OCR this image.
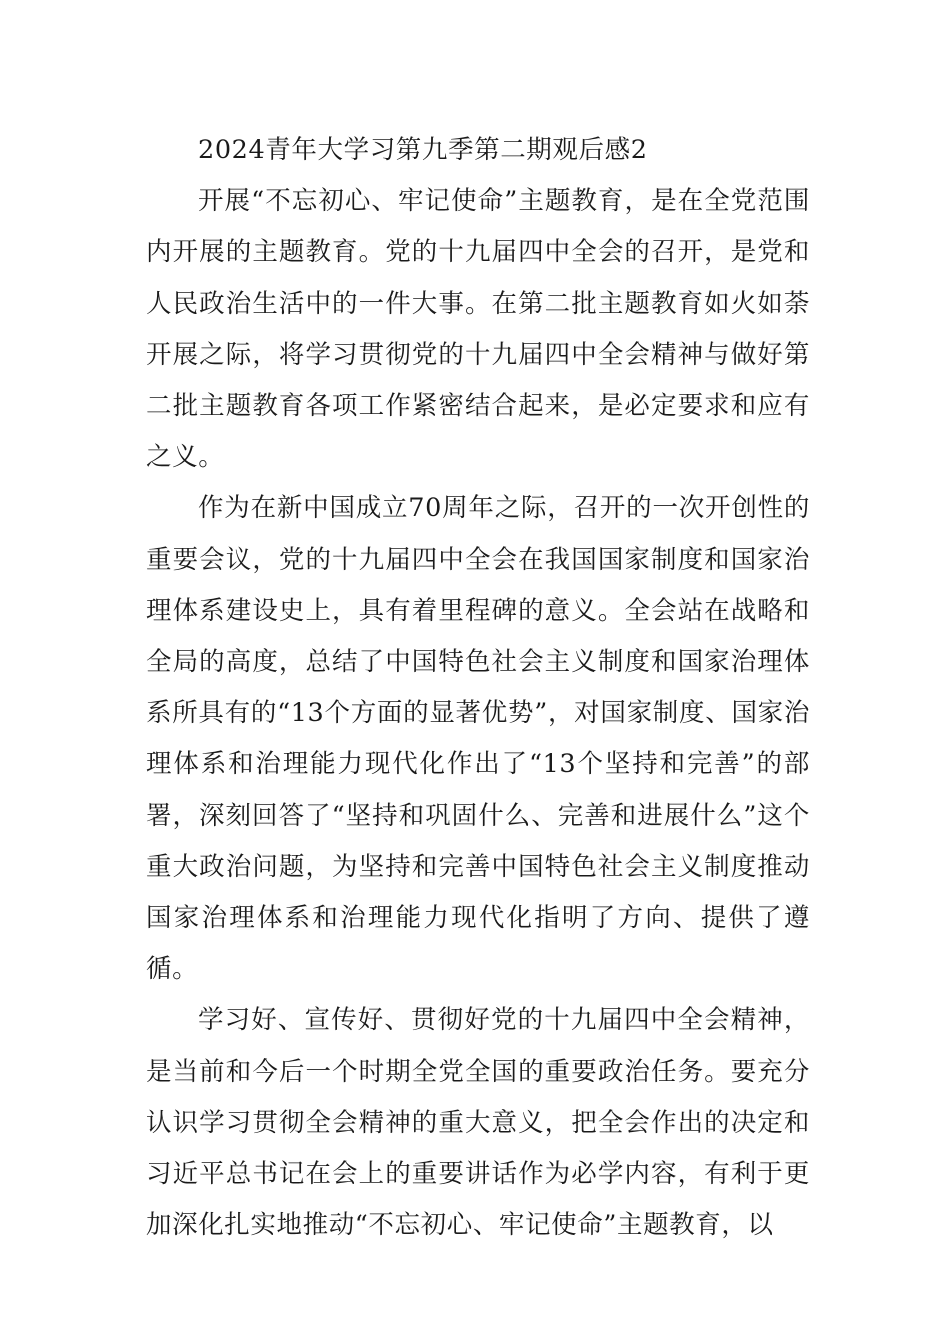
2024青年大学习第九季第二期观后感2

开展“不忘初心、牢记使命”主题教育，是在全党范围内开展的主题教育。党的十九届四中全会的召开，是党和人民政治生活中的一件大事。在第二批主题教育如火如荼开展之际，将学习贯彻党的十九届四中全会精神与做好第二批主题教育各项工作紧密结合起来，是必定要求和应有之义。

作为在新中国成立70周年之际，召开的一次开创性的重要会议，党的十九届四中全会在我国国家制度和国家治理体系建设史上，具有着里程碑的意义。全会站在战略和全局的高度，总结了中国特色社会主义制度和国家治理体系所具有的“13个方面的显著优势”，对国家制度、国家治理体系和治理能力现代化作出了“13个坚持和完善”的部署，深刻回答了“坚持和巩固什么、完善和进展什么”这个重大政治问题，为坚持和完善中国特色社会主义制度推动国家治理体系和治理能力现代化指明了方向、提供了遵循。

学习好、宣传好、贯彻好党的十九届四中全会精神，是当前和今后一个时期全党全国的重要政治任务。要充分认识学习贯彻全会精神的重大意义，把全会作出的决定和习近平总书记在会上的重要讲话作为必学内容，有利于更加深化扎实地推动“不忘初心、牢记使命”主题教育，以
